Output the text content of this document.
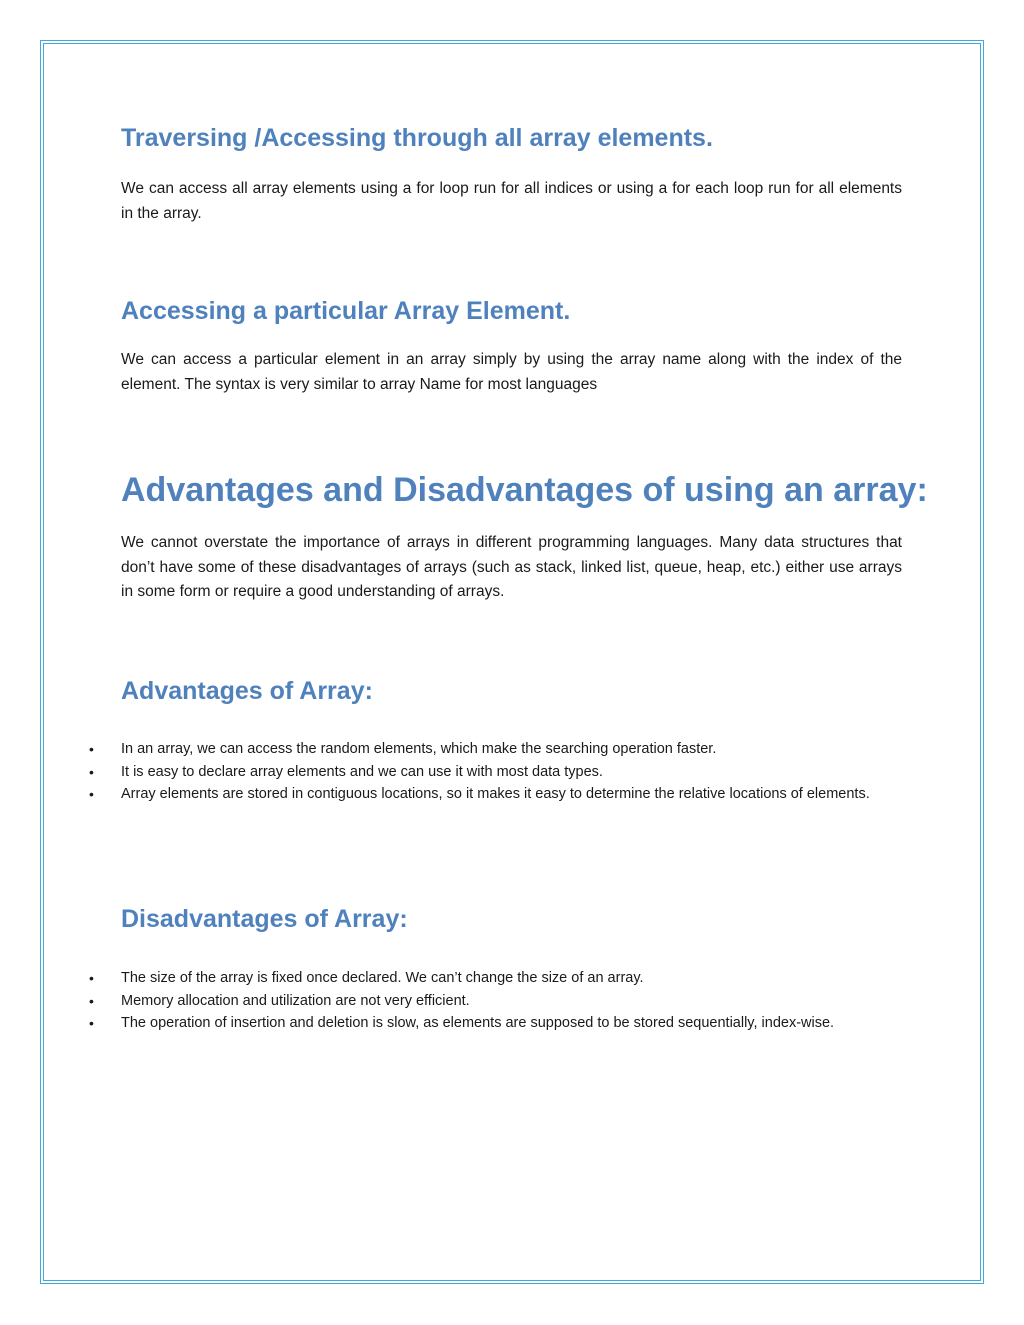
Traversing /Accessing through all array elements.

We can access all array elements using a for loop run for all indices or using a for each loop run for all elements in the array.

Accessing a particular Array Element.

We can access a particular element in an array simply by using the array name along with the index of the element. The syntax is very similar to array Name for most languages

Advantages and Disadvantages of using an array:

We cannot overstate the importance of arrays in different programming languages. Many data structures that don’t have some of these disadvantages of arrays (such as stack, linked list, queue, heap, etc.) either use arrays in some form or require a good understanding of arrays.

Advantages of Array:
• In an array, we can access the random elements, which make the searching operation faster.
• It is easy to declare array elements and we can use it with most data types.
• Array elements are stored in contiguous locations, so it makes it easy to determine the relative locations of elements.
Disadvantages of Array:
• The size of the array is fixed once declared. We can’t change the size of an array.
• Memory allocation and utilization are not very efficient.
• The operation of insertion and deletion is slow, as elements are supposed to be stored sequentially, index-wise.
